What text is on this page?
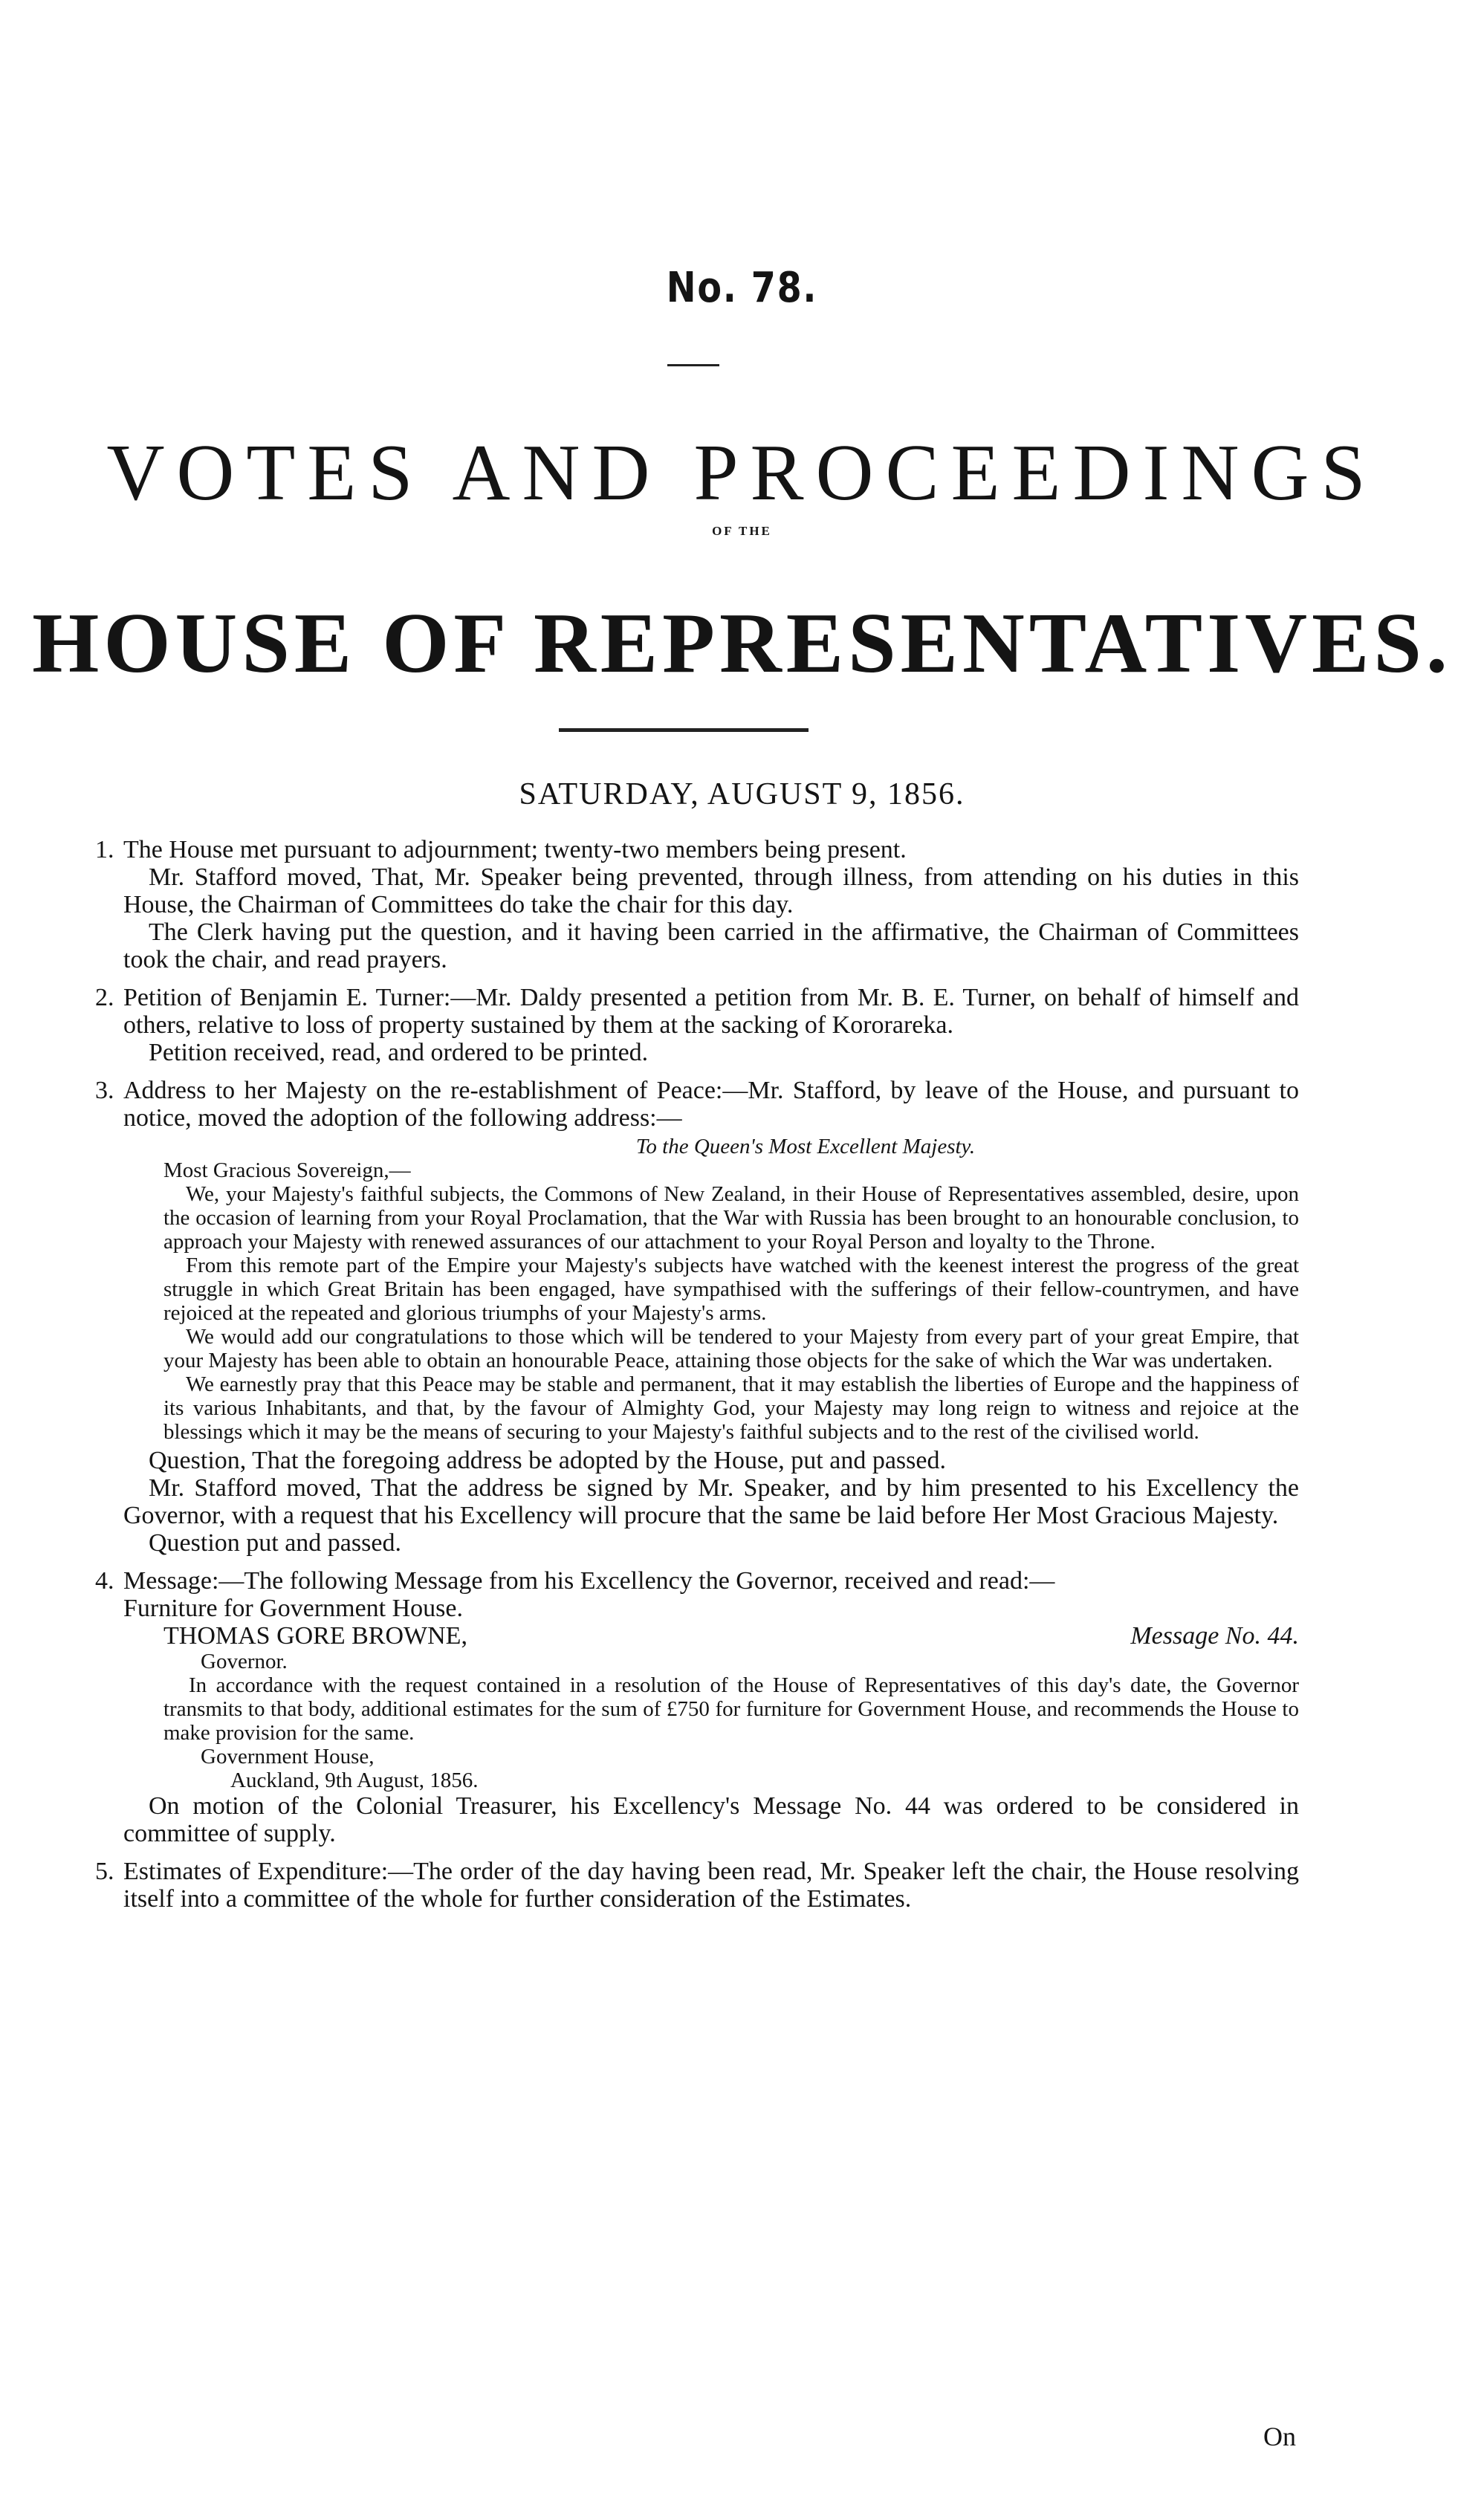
No. 78.
VOTES AND PROCEEDINGS
OF THE
HOUSE OF REPRESENTATIVES.
SATURDAY, AUGUST 9, 1856.
1. The House met pursuant to adjournment; twenty-two members being present.

Mr. Stafford moved, That, Mr. Speaker being prevented, through illness, from attending on his duties in this House, the Chairman of Committees do take the chair for this day.

The Clerk having put the question, and it having been carried in the affirmative, the Chairman of Committees took the chair, and read prayers.

2. Petition of Benjamin E. Turner:—Mr. Daldy presented a petition from Mr. B. E. Turner, on behalf of himself and others, relative to loss of property sustained by them at the sacking of Kororareka.

Petition received, read, and ordered to be printed.

3. Address to her Majesty on the re-establishment of Peace:—Mr. Stafford, by leave of the House, and pursuant to notice, moved the adoption of the following address:—

To the Queen's Most Excellent Majesty.

Most Gracious Sovereign,—

We, your Majesty's faithful subjects, the Commons of New Zealand, in their House of Representatives assembled, desire, upon the occasion of learning from your Royal Proclamation, that the War with Russia has been brought to an honourable conclusion, to approach your Majesty with renewed assurances of our attachment to your Royal Person and loyalty to the Throne.

From this remote part of the Empire your Majesty's subjects have watched with the keenest interest the progress of the great struggle in which Great Britain has been engaged, have sympathised with the sufferings of their fellow-countrymen, and have rejoiced at the repeated and glorious triumphs of your Majesty's arms.

We would add our congratulations to those which will be tendered to your Majesty from every part of your great Empire, that your Majesty has been able to obtain an honourable Peace, attaining those objects for the sake of which the War was undertaken.

We earnestly pray that this Peace may be stable and permanent, that it may establish the liberties of Europe and the happiness of its various Inhabitants, and that, by the favour of Almighty God, your Majesty may long reign to witness and rejoice at the blessings which it may be the means of securing to your Majesty's faithful subjects and to the rest of the civilised world.

Question, That the foregoing address be adopted by the House, put and passed.

Mr. Stafford moved, That the address be signed by Mr. Speaker, and by him presented to his Excellency the Governor, with a request that his Excellency will procure that the same be laid before Her Most Gracious Majesty.

Question put and passed.

4. Message:—The following Message from his Excellency the Governor, received and read:—

Furniture for Government House.

THOMAS GORE BROWNE,	Message No. 44.

Governor.

In accordance with the request contained in a resolution of the House of Representatives of this day's date, the Governor transmits to that body, additional estimates for the sum of £750 for furniture for Government House, and recommends the House to make provision for the same.

Government House,

Auckland, 9th August, 1856.

On motion of the Colonial Treasurer, his Excellency's Message No. 44 was ordered to be considered in committee of supply.

5. Estimates of Expenditure:—The order of the day having been read, Mr. Speaker left the chair, the House resolving itself into a committee of the whole for further consideration of the Estimates.

On
